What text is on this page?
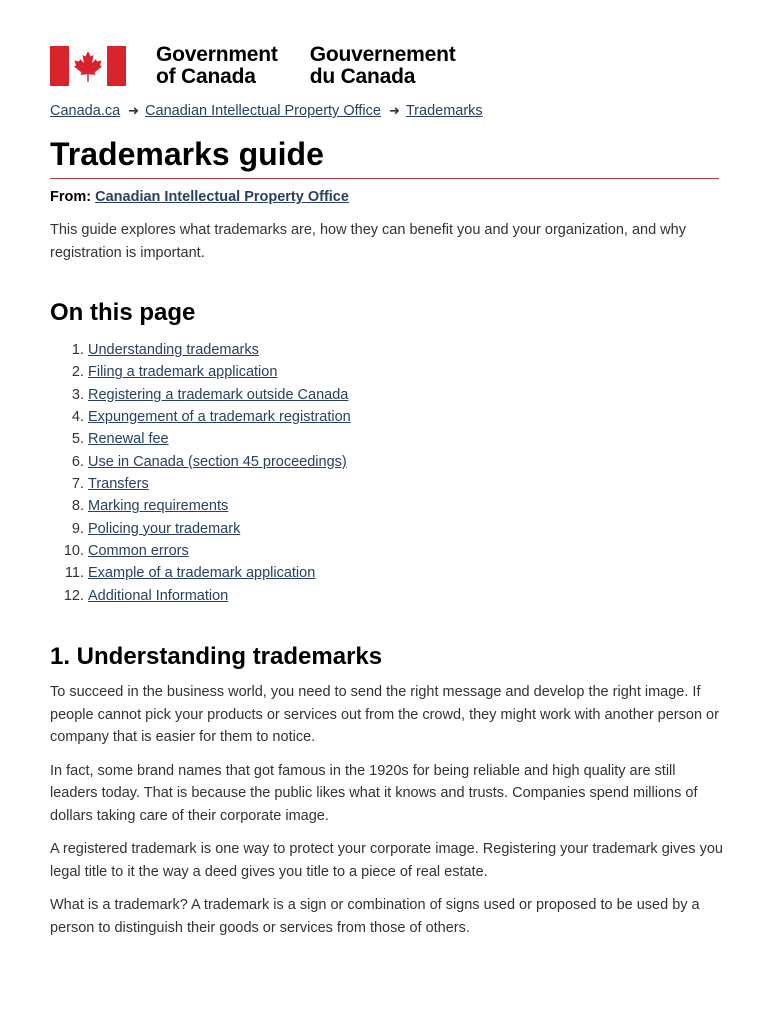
Government
of Canada
Gouvernement
du Canada
Canada.ca ➜ Canadian Intellectual Property Office ➜ Trademarks
Trademarks guide
From: Canadian Intellectual Property Office

This guide explores what trademarks are, how they can benefit you and your organization, and why registration is important.

On this page
1. Understanding trademarks
2. Filing a trademark application
3. Registering a trademark outside Canada
4. Expungement of a trademark registration
5. Renewal fee
6. Use in Canada (section 45 proceedings)
7. Transfers
8. Marking requirements
9. Policing your trademark
10. Common errors
11. Example of a trademark application
12. Additional Information
1. Understanding trademarks

To succeed in the business world, you need to send the right message and develop the right image. If people cannot pick your products or services out from the crowd, they might work with another person or company that is easier for them to notice.

In fact, some brand names that got famous in the 1920s for being reliable and high quality are still leaders today. That is because the public likes what it knows and trusts. Companies spend millions of dollars taking care of their corporate image.

A registered trademark is one way to protect your corporate image. Registering your trademark gives you legal title to it the way a deed gives you title to a piece of real estate.

What is a trademark? A trademark is a sign or combination of signs used or proposed to be used by a person to distinguish their goods or services from those of others.
